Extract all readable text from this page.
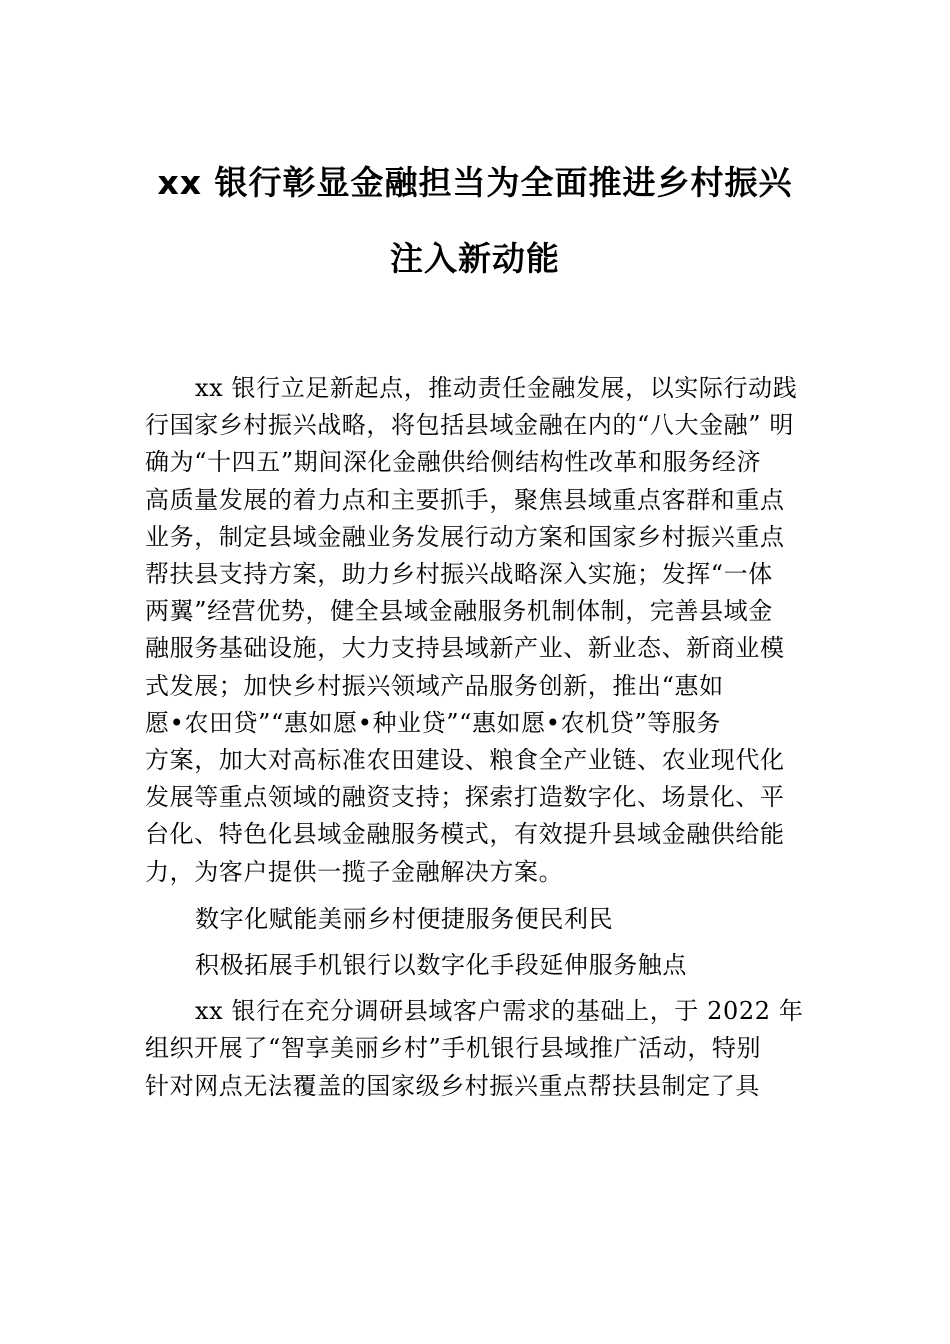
xx 银行彰显金融担当为全面推进乡村振兴
注入新动能

xx 银行立足新起点，推动责任金融发展，以实际行动践
行国家乡村振兴战略，将包括县域金融在内的“八大金融” 明
确为“十四五”期间深化金融供给侧结构性改革和服务经济
高质量发展的着力点和主要抓手，聚焦县域重点客群和重点
业务，制定县域金融业务发展行动方案和国家乡村振兴重点
帮扶县支持方案，助力乡村振兴战略深入实施；发挥“一体
两翼”经营优势，健全县域金融服务机制体制，完善县域金
融服务基础设施，大力支持县域新产业、新业态、新商业模
式发展；加快乡村振兴领域产品服务创新，推出“惠如
愿•农田贷”“惠如愿•种业贷”“惠如愿•农机贷”等服务
方案，加大对高标准农田建设、粮食全产业链、农业现代化
发展等重点领域的融资支持；探索打造数字化、场景化、平
台化、特色化县域金融服务模式，有效提升县域金融供给能
力，为客户提供一揽子金融解决方案。

数字化赋能美丽乡村便捷服务便民利民

积极拓展手机银行以数字化手段延伸服务触点

xx 银行在充分调研县域客户需求的基础上，于 2022 年
组织开展了“智享美丽乡村”手机银行县域推广活动，特别
针对网点无法覆盖的国家级乡村振兴重点帮扶县制定了具
